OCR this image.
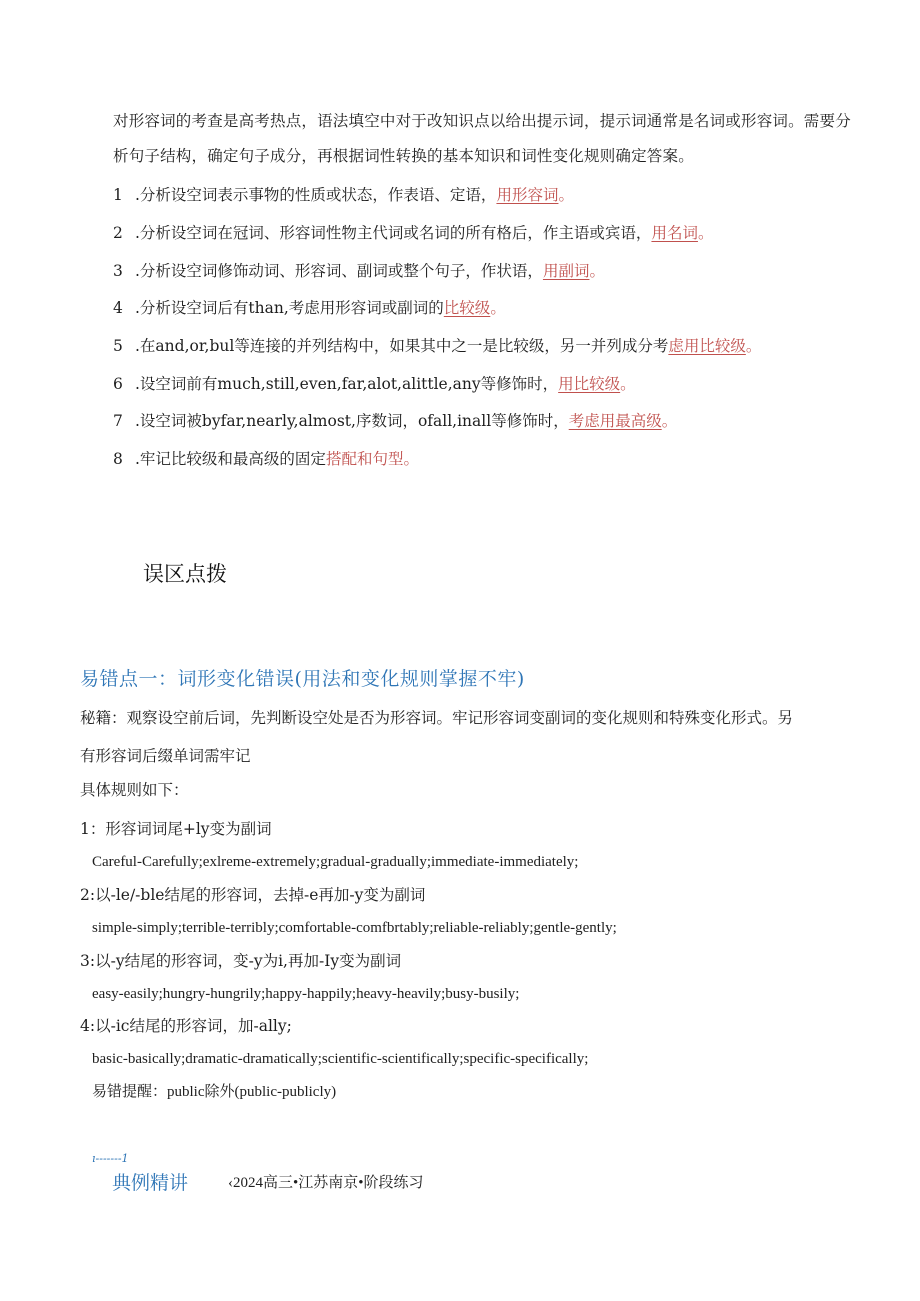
对形容词的考查是高考热点，语法填空中对于改知识点以给出提示词，提示词通常是名词或形容词。需要分
析句子结构，确定句子成分，再根据词性转换的基本知识和词性变化规则确定答案。
1 .分析设空词表示事物的性质或状态，作表语、定语，用形容词。
2 .分析设空词在冠词、形容词性物主代词或名词的所有格后，作主语或宾语，用名词。
3 .分析设空词修饰动词、形容词、副词或整个句子，作状语，用副词。
4 .分析设空词后有than,考虑用形容词或副词的比较级。
5 .在and,or,bul等连接的并列结构中，如果其中之一是比较级，另一并列成分考虑用比较级。
6 .设空词前有much,still,even,far,alot,alittle,any等修饰时，用比较级。
7 .设空词被byfar,nearly,almost,序数词，ofall,inall等修饰时，考虑用最高级。
8 .牢记比较级和最高级的固定搭配和句型。
误区点拨
易错点一：词形变化错误(用法和变化规则掌握不牢)
秘籍：观察设空前后词，先判断设空处是否为形容词。牢记形容词变副词的变化规则和特殊变化形式。另
有形容词后缀单词需牢记
具体规则如下：
1：形容词词尾+ly变为副词
Careful-Carefully;exlreme-extremely;gradual-gradually;immediate-immediately;
2:以-le∕-ble结尾的形容词，去掉-e再加-y变为副词
simple-simply;terrible-terribly;comfortable-comfbrtably;reliable-reliably;gentle-gently;
3:以-y结尾的形容词，变-y为i,再加-Iy变为副词
easy-easily;hungry-hungrily;happy-happily;heavy-heavily;busy-busily;
4:以-ic结尾的形容词，加-ally;
basic-basically;dramatic-dramatically;scientific-scientifically;specific-specifically;
易错提醒：public除外(public-publicly)
ı-------1
典例精讲	‹2024高三•江苏南京•阶段练习
